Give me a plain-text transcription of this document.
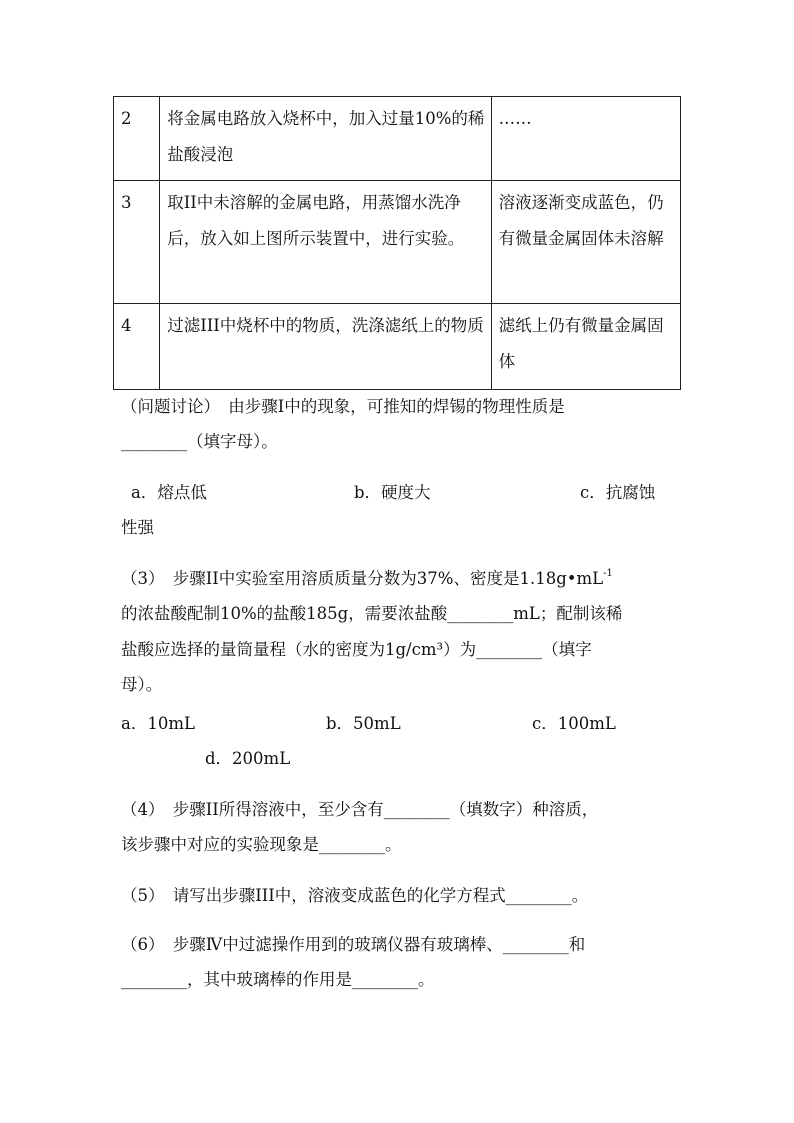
2	将金属电路放入烧杯中，加入过量10%的稀盐酸浸泡	……
3	取II中未溶解的金属电路，用蒸馏水洗净后，放入如上图所示装置中，进行实验。	溶液逐渐变成蓝色，仍有微量金属固体未溶解
4	过滤III中烧杯中的物质，洗涤滤纸上的物质	滤纸上仍有微量金属固体
（问题讨论）　由步骤I中的现象，可推知的焊锡的物理性质是
________（填字母）。
a．熔点低	b．硬度大	c．抗腐蚀
性强
（3）　步骤II中实验室用溶质质量分数为37%、密度是$1.18g•mL^{-1}$
的浓盐酸配制10%的盐酸185g，需要浓盐酸________mL；配制该稀
盐酸应选择的量筒量程（水的密度为1g/cm³）为________（填字
母）。
a．10mL	b．50mL	c．100mL
d．200mL
（4）　步骤II所得溶液中，至少含有________（填数字）种溶质，
该步骤中对应的实验现象是________。
（5）　请写出步骤III中，溶液变成蓝色的化学方程式________。
（6）　步骤Ⅳ中过滤操作用到的玻璃仪器有玻璃棒、________和
________，其中玻璃棒的作用是________。
